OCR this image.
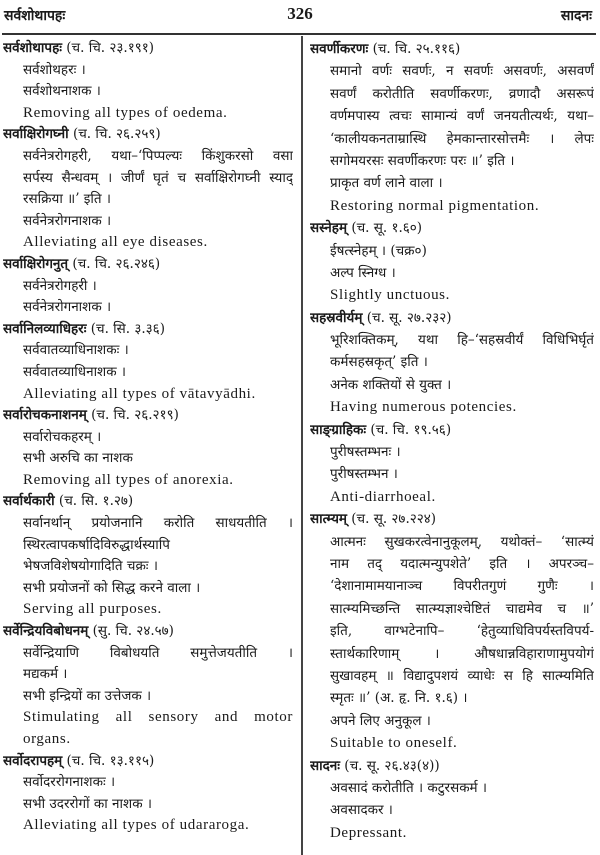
सर्वशोथापहः	326	सादनः
सर्वशोथापहः (च. चि. २३.१९१)
सर्वशोथहरः ।
सर्वशोथनाशक ।
Removing all types of oedema.
सर्वाक्षिरोगघ्नी (च. चि. २६.२५९)
सर्वनेत्ररोगहरी, यथा–‘पिप्पल्यः किंशुकरसो वसा
सर्पस्य सैन्धवम् । जीर्णं घृतं च सर्वाक्षिरोगघ्नी स्याद्
रसक्रिया ॥’ इति ।
सर्वनेत्ररोगनाशक ।
Alleviating all eye diseases.
सर्वाक्षिरोगनुत् (च. चि. २६.२४६)
सर्वनेत्ररोगहरी ।
सर्वनेत्ररोगनाशक ।
सर्वानिलव्याधिहरः (च. सि. ३.३६)
सर्ववातव्याधिनाशकः ।
सर्ववातव्याधिनाशक ।
Alleviating all types of vātavyādhi.
सर्वारोचकनाशनम् (च. चि. २६.२१९)
सर्वारोचकहरम् ।
सभी अरुचि का नाशक
Removing all types of anorexia.
सर्वार्थकारी (च. सि. १.२७)
सर्वानर्थान् प्रयोजनानि करोति साधयतीति ।
स्थिरत्वापकर्षादिविरुद्धार्थस्यापि
भेषजविशेषयोगादिति चक्रः ।
सभी प्रयोजनों को सिद्ध करने वाला ।
Serving all purposes.
सर्वेन्द्रियविबोधनम् (सु. चि. २४.५७)
सर्वेन्द्रियाणि विबोधयति समुत्तेजयतीति ।
मद्यकर्म ।
सभी इन्द्रियों का उत्तेजक ।
Stimulating all sensory and motor
organs.
सर्वोदरापहम् (च. चि. १३.११५)
सर्वोदररोगनाशकः ।
सभी उदररोगों का नाशक ।
Alleviating all types of udararoga.
सवर्णीकरणः (च. चि. २५.११६)
समानो वर्णः सवर्णः, न सवर्णः असवर्णः, असवर्णं
सवर्णं करोतीति सवर्णीकरणः, व्रणादौ असरूपं
वर्णमपास्य त्वचः सामान्यं वर्णं जनयतीत्यर्थः, यथा–
‘कालीयकनताम्रास्थि हेमकान्तारसोत्तमैः । लेपः
सगोमयरसः सवर्णीकरणः परः ॥’ इति ।
प्राकृत वर्ण लाने वाला ।
Restoring normal pigmentation.
सस्नेहम् (च. सू. १.६०)
ईषत्स्नेहम् । (चक्र०)
अल्प स्निग्ध ।
Slightly unctuous.
सहस्रवीर्यम् (च. सू. २७.२३२)
भूरिशक्तिकम्, यथा हि–‘सहस्रवीर्यं विधिभिर्घृतं
कर्मसहस्रकृत्’ इति ।
अनेक शक्तियों से युक्त ।
Having numerous potencies.
साङ्ग्राहिकः (च. चि. १९.५६)
पुरीषस्तम्भनः ।
पुरीषस्तम्भन ।
Anti-diarrhoeal.
सात्म्यम् (च. सू. २७.२२४)
आत्मनः सुखकरत्वेनानुकूलम्, यथोक्तं– ‘सात्म्यं
नाम तद् यदात्मन्युपशेते’ इति । अपरञ्च–
‘देशानामामयानाञ्च विपरीतगुणं गुणैः ।
सात्म्यमिच्छन्ति सात्म्यज्ञाश्चेष्टितं चाद्यमेव च ॥’
इति, वाग्भटेनापि– ‘हेतुव्याधिविपर्यस्तविपर्य-
स्तार्थकारिणाम् । औषधान्नविहाराणामुपयोगं
सुखावहम् ॥ विद्यादुपशयं व्याधेः स हि सात्म्यमिति
स्मृतः ॥’ (अ. हृ. नि. १.६) ।
अपने लिए अनुकूल ।
Suitable to oneself.
सादनः (च. सू. २६.४३(४))
अवसादं करोतीति । कटुरसकर्म ।
अवसादकर ।
Depressant.
